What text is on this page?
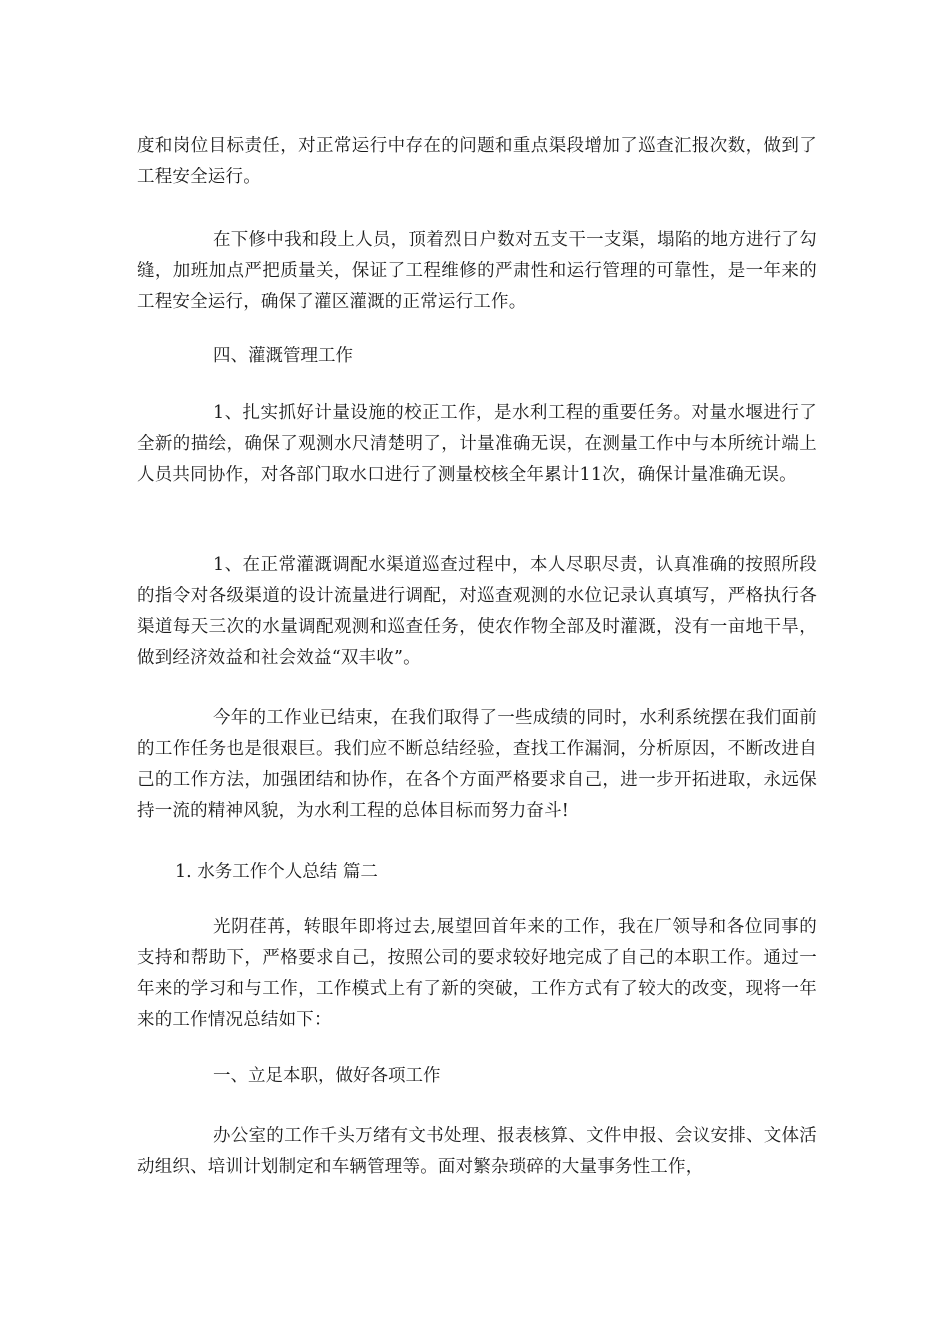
度和岗位目标责任，对正常运行中存在的问题和重点渠段增加了巡查汇报次数，做到了工程安全运行。

在下修中我和段上人员，顶着烈日户数对五支干一支渠，塌陷的地方进行了勾缝，加班加点严把质量关，保证了工程维修的严肃性和运行管理的可靠性，是一年来的工程安全运行，确保了灌区灌溉的正常运行工作。

四、灌溉管理工作

1、扎实抓好计量设施的校正工作，是水利工程的重要任务。对量水堰进行了全新的描绘，确保了观测水尺清楚明了，计量准确无误，在测量工作中与本所统计端上人员共同协作，对各部门取水口进行了测量校核全年累计11次，确保计量准确无误。

1、在正常灌溉调配水渠道巡查过程中，本人尽职尽责，认真准确的按照所段的指令对各级渠道的设计流量进行调配，对巡查观测的水位记录认真填写，严格执行各渠道每天三次的水量调配观测和巡查任务，使农作物全部及时灌溉，没有一亩地干旱，做到经济效益和社会效益“双丰收”。

今年的工作业已结束，在我们取得了一些成绩的同时，水利系统摆在我们面前的工作任务也是很艰巨。我们应不断总结经验，查找工作漏洞，分析原因，不断改进自己的工作方法，加强团结和协作，在各个方面严格要求自己，进一步开拓进取，永远保持一流的精神风貌，为水利工程的总体目标而努力奋斗!

1. 水务工作个人总结 篇二

光阴荏苒，转眼年即将过去,展望回首年来的工作，我在厂领导和各位同事的支持和帮助下，严格要求自己，按照公司的要求较好地完成了自己的本职工作。通过一年来的学习和与工作，工作模式上有了新的突破，工作方式有了较大的改变，现将一年来的工作情况总结如下：

一、立足本职，做好各项工作

办公室的工作千头万绪有文书处理、报表核算、文件申报、会议安排、文体活动组织、培训计划制定和车辆管理等。面对繁杂琐碎的大量事务性工作，
